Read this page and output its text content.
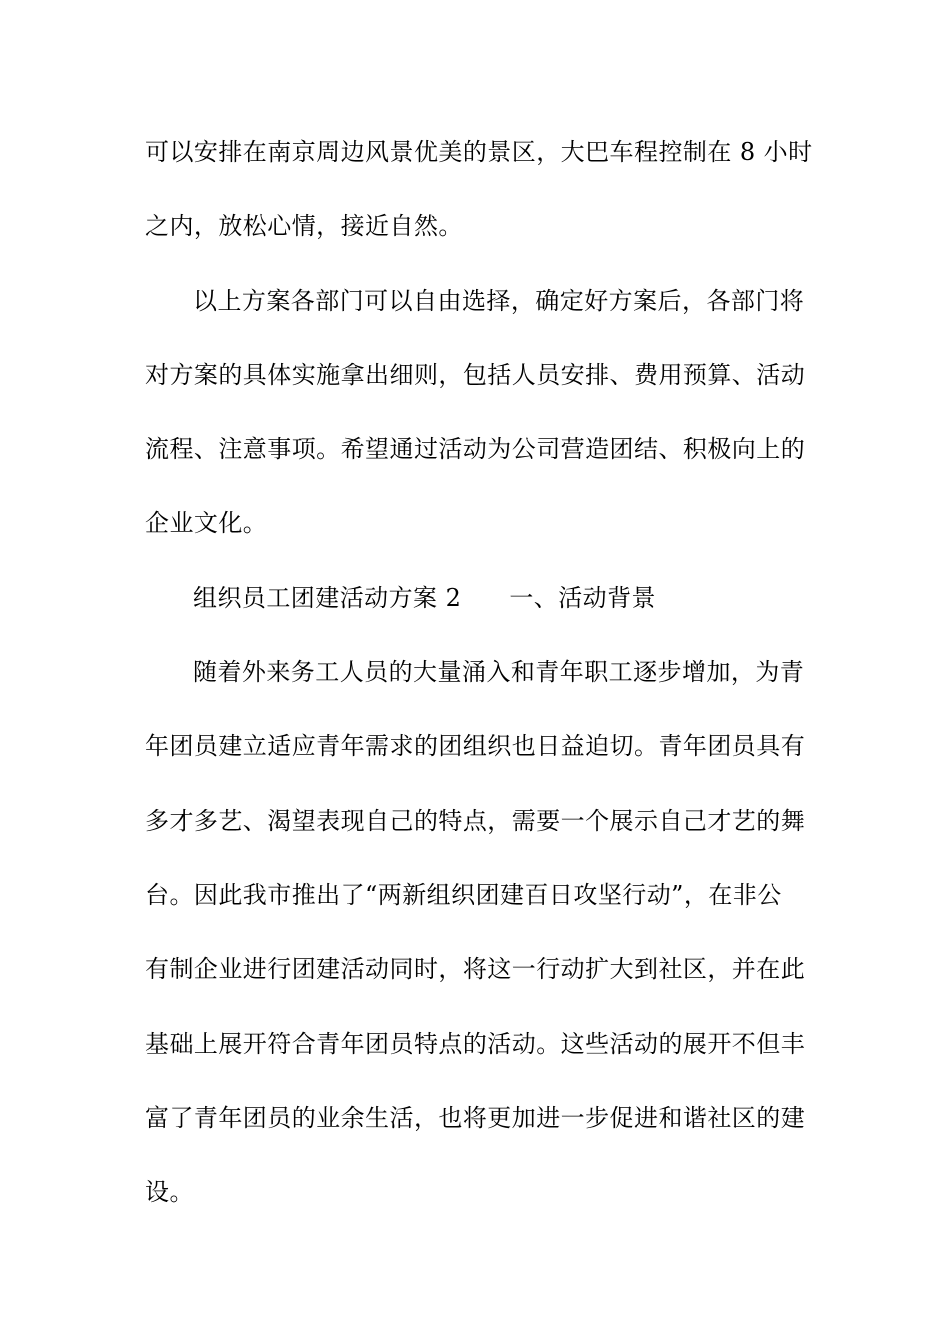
可以安排在南京周边风景优美的景区，大巴车程控制在 8 小时
之内，放松心情，接近自然。
以上方案各部门可以自由选择，确定好方案后，各部门将
对方案的具体实施拿出细则，包括人员安排、费用预算、活动
流程、注意事项。希望通过活动为公司营造团结、积极向上的
企业文化。
组织员工团建活动方案 2 一、活动背景
随着外来务工人员的大量涌入和青年职工逐步增加，为青
年团员建立适应青年需求的团组织也日益迫切。青年团员具有
多才多艺、渴望表现自己的特点，需要一个展示自己才艺的舞
台。因此我市推出了“两新组织团建百日攻坚行动”，在非公
有制企业进行团建活动同时，将这一行动扩大到社区，并在此
基础上展开符合青年团员特点的活动。这些活动的展开不但丰
富了青年团员的业余生活，也将更加进一步促进和谐社区的建
设。
